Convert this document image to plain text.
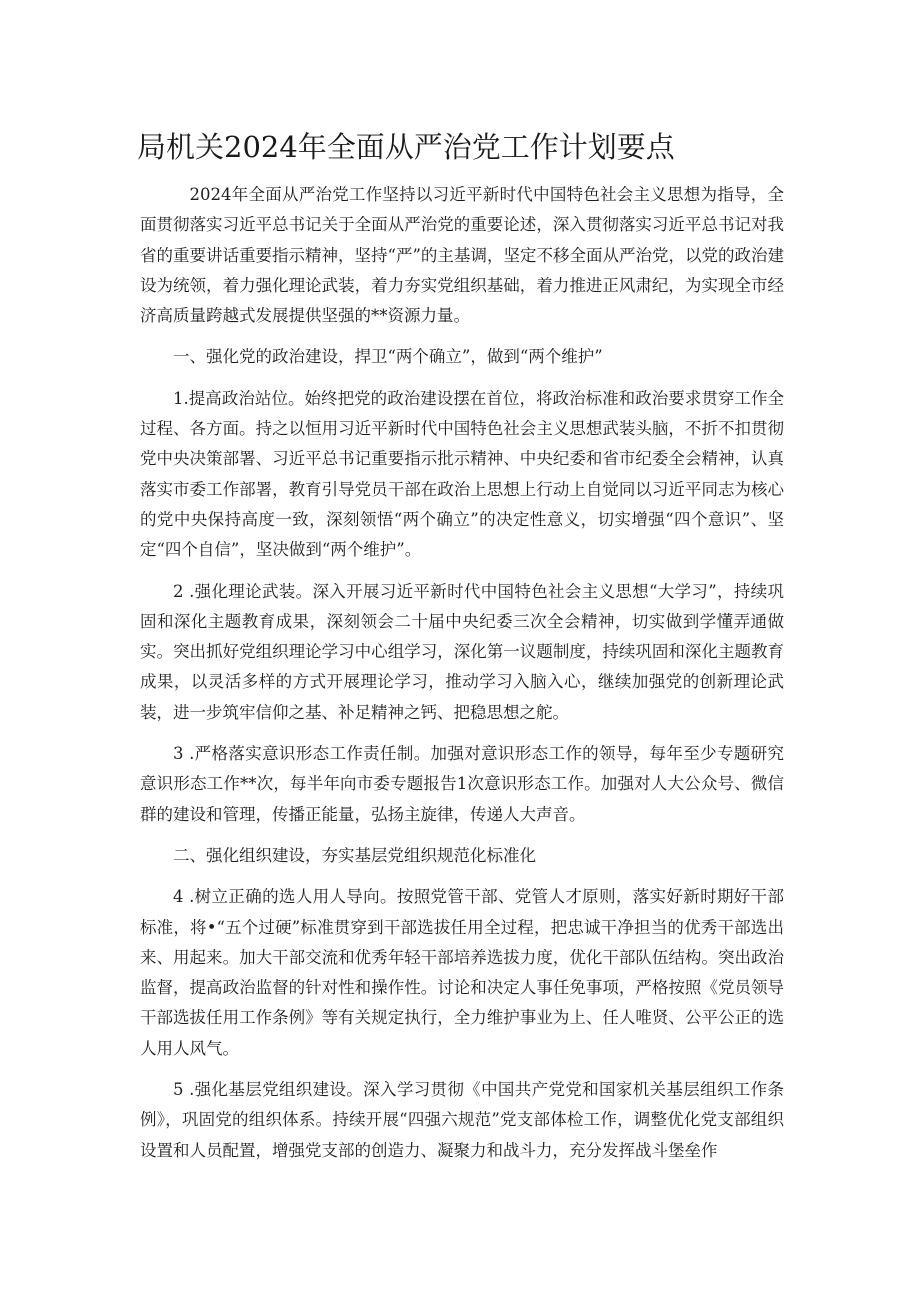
局机关2024年全面从严治党工作计划要点

2024年全面从严治党工作坚持以习近平新时代中国特色社会主义思想为指导，全面贯彻落实习近平总书记关于全面从严治党的重要论述，深入贯彻落实习近平总书记对我省的重要讲话重要指示精神，坚持“严”的主基调，坚定不移全面从严治党，以党的政治建设为统领，着力强化理论武装，着力夯实党组织基础，着力推进正风肃纪，为实现全市经济高质量跨越式发展提供坚强的**资源力量。

一、强化党的政治建设，捍卫“两个确立”，做到“两个维护”

1.提高政治站位。始终把党的政治建设摆在首位，将政治标准和政治要求贯穿工作全过程、各方面。持之以恒用习近平新时代中国特色社会主义思想武装头脑，不折不扣贯彻党中央决策部署、习近平总书记重要指示批示精神、中央纪委和省市纪委全会精神，认真落实市委工作部署，教育引导党员干部在政治上思想上行动上自觉同以习近平同志为核心的党中央保持高度一致，深刻领悟“两个确立”的决定性意义，切实增强“四个意识”、坚定“四个自信”，坚决做到“两个维护”。

2 .强化理论武装。深入开展习近平新时代中国特色社会主义思想“大学习”，持续巩固和深化主题教育成果，深刻领会二十届中央纪委三次全会精神，切实做到学懂弄通做实。突出抓好党组织理论学习中心组学习，深化第一议题制度，持续巩固和深化主题教育成果，以灵活多样的方式开展理论学习，推动学习入脑入心，继续加强党的创新理论武装，进一步筑牢信仰之基、补足精神之钙、把稳思想之舵。

3 .严格落实意识形态工作责任制。加强对意识形态工作的领导，每年至少专题研究意识形态工作**次，每半年向市委专题报告1次意识形态工作。加强对人大公众号、微信群的建设和管理，传播正能量，弘扬主旋律，传递人大声音。

二、强化组织建设，夯实基层党组织规范化标准化

4 .树立正确的选人用人导向。按照党管干部、党管人才原则，落实好新时期好干部标准，将•“五个过硬”标准贯穿到干部选拔任用全过程，把忠诚干净担当的优秀干部选出来、用起来。加大干部交流和优秀年轻干部培养选拔力度，优化干部队伍结构。突出政治监督，提高政治监督的针对性和操作性。讨论和决定人事任免事项，严格按照《党员领导干部选拔任用工作条例》等有关规定执行，全力维护事业为上、任人唯贤、公平公正的选人用人风气。

5 .强化基层党组织建设。深入学习贯彻《中国共产党党和国家机关基层组织工作条例》，巩固党的组织体系。持续开展“四强六规范”党支部体检工作，调整优化党支部组织设置和人员配置，增强党支部的创造力、凝聚力和战斗力，充分发挥战斗堡垒作
